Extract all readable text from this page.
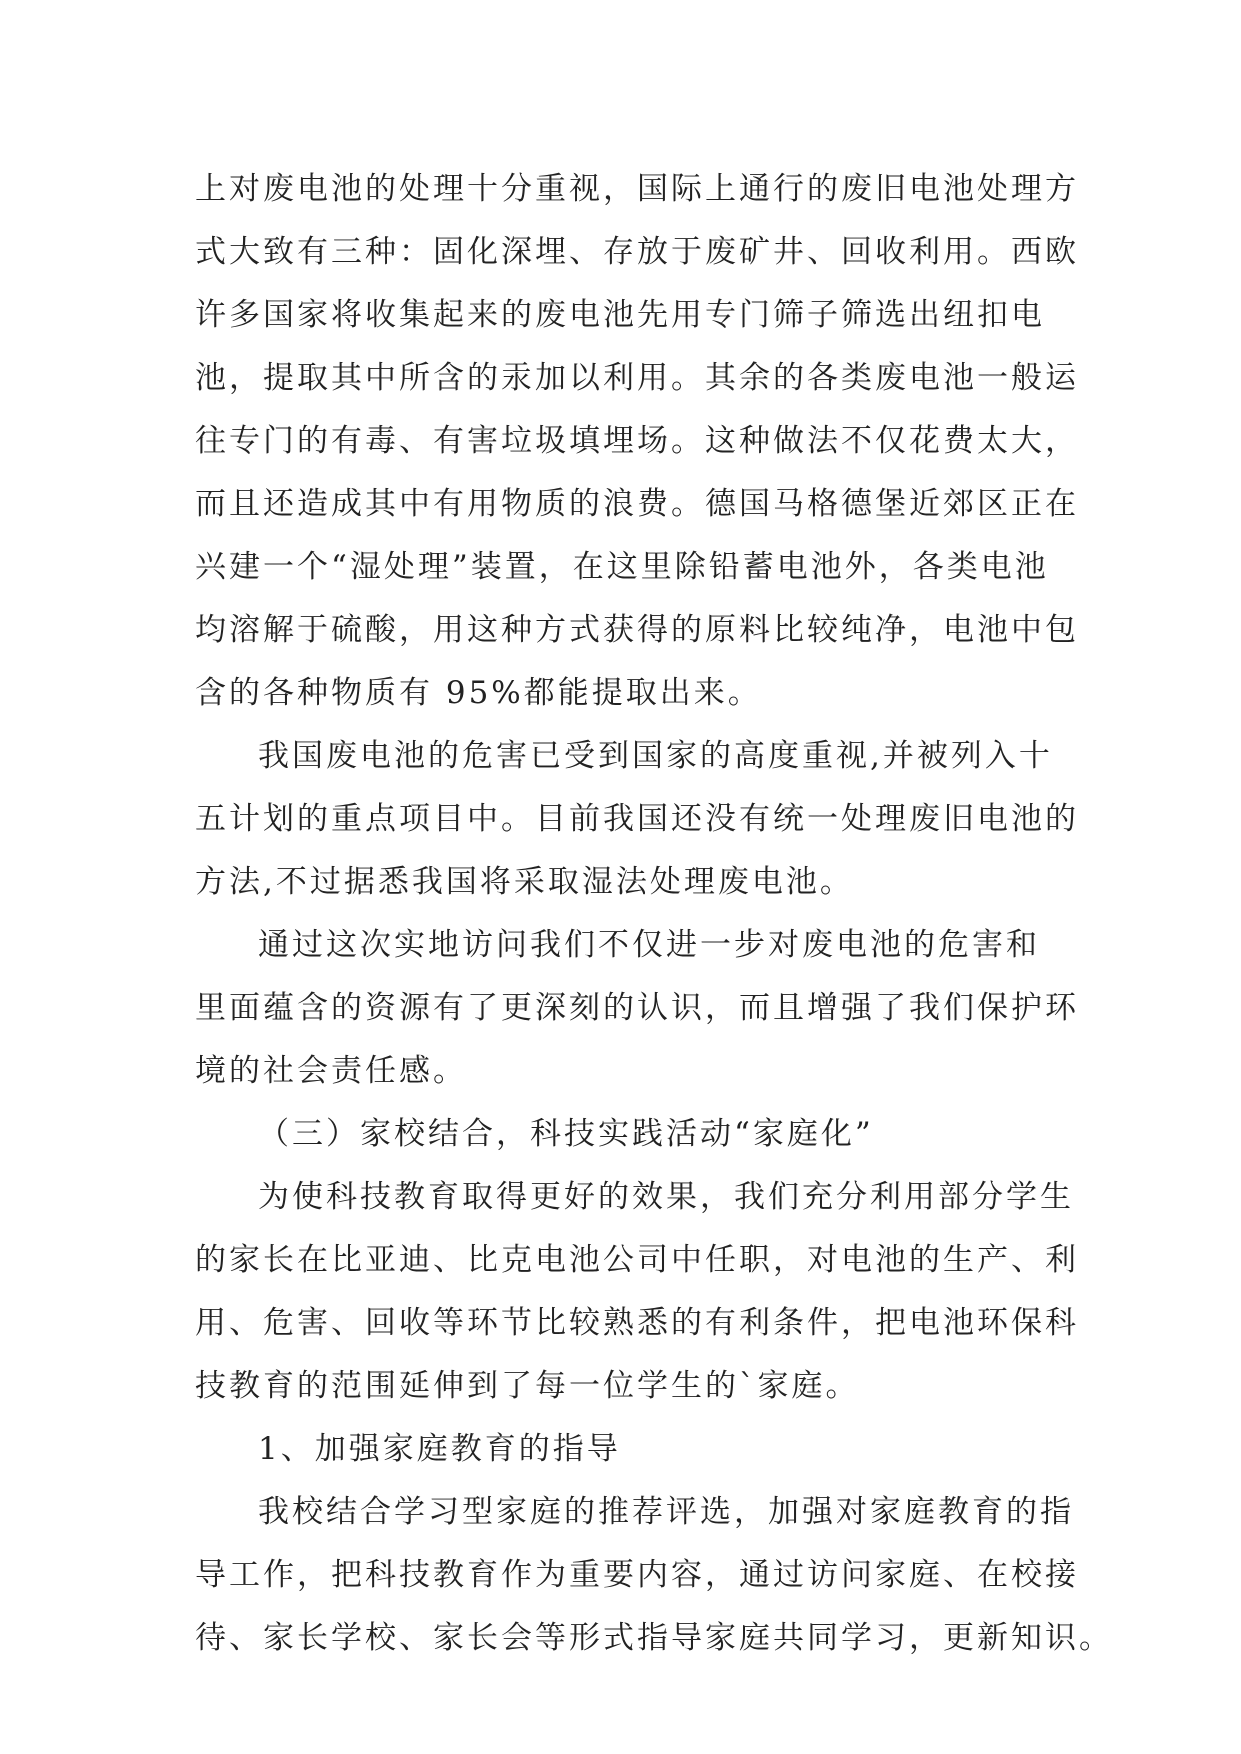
上对废电池的处理十分重视，国际上通行的废旧电池处理方
式大致有三种：固化深埋、存放于废矿井、回收利用。西欧
许多国家将收集起来的废电池先用专门筛子筛选出纽扣电
池，提取其中所含的汞加以利用。其余的各类废电池一般运
往专门的有毒、有害垃圾填埋场。这种做法不仅花费太大，
而且还造成其中有用物质的浪费。德国马格德堡近郊区正在
兴建一个“湿处理”装置，在这里除铅蓄电池外，各类电池
均溶解于硫酸，用这种方式获得的原料比较纯净，电池中包
含的各种物质有 95%都能提取出来。
我国废电池的危害已受到国家的高度重视,并被列入十
五计划的重点项目中。目前我国还没有统一处理废旧电池的
方法,不过据悉我国将采取湿法处理废电池。
通过这次实地访问我们不仅进一步对废电池的危害和
里面蕴含的资源有了更深刻的认识，而且增强了我们保护环
境的社会责任感。
（三）家校结合，科技实践活动“家庭化”
为使科技教育取得更好的效果，我们充分利用部分学生
的家长在比亚迪、比克电池公司中任职，对电池的生产、利
用、危害、回收等环节比较熟悉的有利条件，把电池环保科
技教育的范围延伸到了每一位学生的`家庭。
1、加强家庭教育的指导
我校结合学习型家庭的推荐评选，加强对家庭教育的指
导工作，把科技教育作为重要内容，通过访问家庭、在校接
待、家长学校、家长会等形式指导家庭共同学习，更新知识。
